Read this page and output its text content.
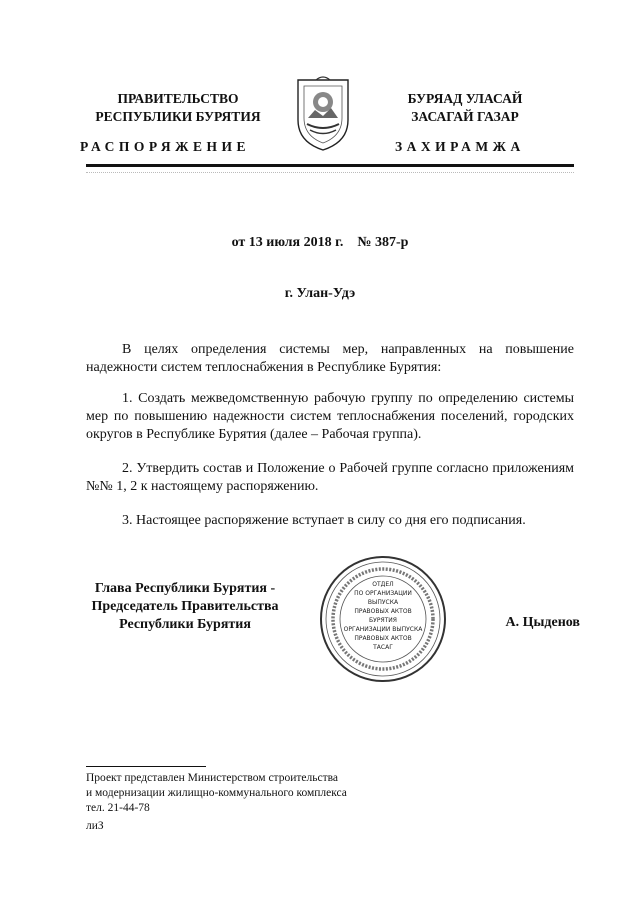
ПРАВИТЕЛЬСТВО
РЕСПУБЛИКИ БУРЯТИЯ
БУРЯАД УЛАСАЙ
ЗАСАГАЙ ГАЗАР
РАСПОРЯЖЕНИЕ	ЗАХИРАМЖА
от 13 июля 2018 г. № 387-р
г. Улан-Удэ
В целях определения системы мер, направленных на повышение надежности систем теплоснабжения в Республике Бурятия:
1. Создать межведомственную рабочую группу по определению системы мер по повышению надежности систем теплоснабжения поселений, городских округов в Республике Бурятия (далее – Рабочая группа).
2. Утвердить состав и Положение о Рабочей группе согласно приложениям №№ 1, 2 к настоящему распоряжению.
3. Настоящее распоряжение вступает в силу со дня его подписания.
Глава Республики Бурятия -
Председатель Правительства
Республики Бурятия
ОТДЕЛ
ПО ОРГАНИЗАЦИИ
ВЫПУСКА
ПРАВОВЫХ АКТОВ
БУРЯТИЯ
ОРГАНИЗАЦИИ ВЫПУСКА
ПРАВОВЫХ АКТОВ
ТАСАГ
А. Цыденов
Проект представлен Министерством строительства
и модернизации жилищно-коммунального комплекса
тел. 21-44-78
лиЗ
